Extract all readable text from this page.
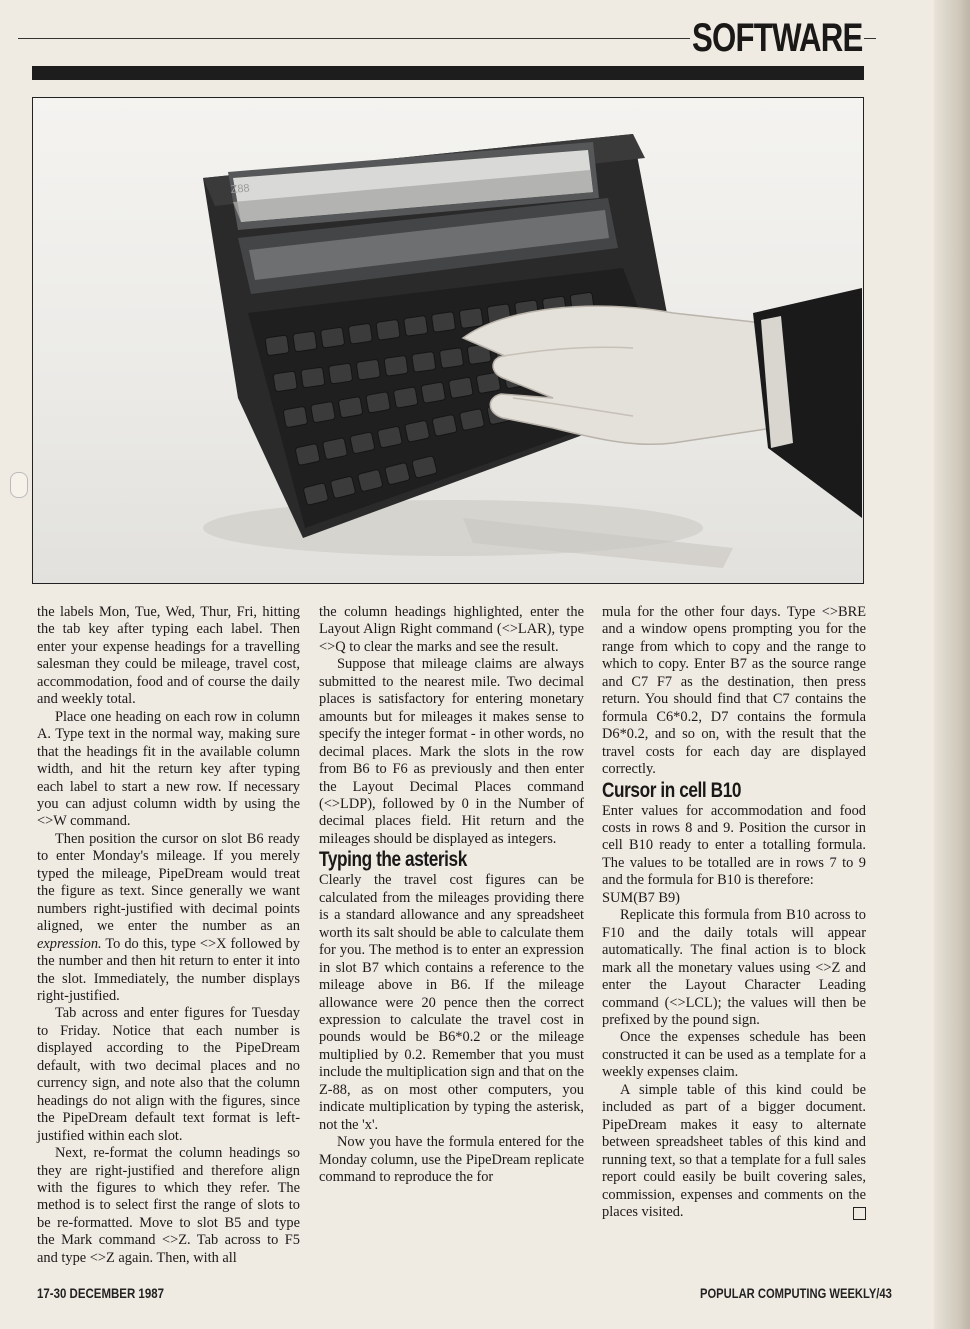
SOFTWARE
Z88

the labels Mon, Tue, Wed, Thur, Fri, hitting the tab key after typing each label. Then enter your expense headings for a travelling salesman they could be mileage, travel cost, accommodation, food and of course the daily and weekly total.

Place one heading on each row in column A. Type text in the normal way, making sure that the headings fit in the available column width, and hit the return key after typing each label to start a new row. If necessary you can adjust column width by using the <>W command.

Then position the cursor on slot B6 ready to enter Monday's mileage. If you merely typed the mileage, PipeDream would treat the figure as text. Since generally we want numbers right-justified with decimal points aligned, we enter the number as an expression. To do this, type <>X followed by the number and then hit return to enter it into the slot. Immediately, the number displays right-justified.

Tab across and enter figures for Tuesday to Friday. Notice that each number is displayed according to the PipeDream default, with two decimal places and no currency sign, and note also that the column headings do not align with the figures, since the PipeDream default text format is left-justified within each slot.

Next, re-format the column headings so they are right-justified and therefore align with the figures to which they refer. The method is to select first the range of slots to be re-formatted. Move to slot B5 and type the Mark command <>Z. Tab across to F5 and type <>Z again. Then, with all

the column headings highlighted, enter the Layout Align Right command (<>LAR), type <>Q to clear the marks and see the result.

Suppose that mileage claims are always submitted to the nearest mile. Two decimal places is satisfactory for entering monetary amounts but for mileages it makes sense to specify the integer format - in other words, no decimal places. Mark the slots in the row from B6 to F6 as previously and then enter the Layout Decimal Places command (<>LDP), followed by 0 in the Number of decimal places field. Hit return and the mileages should be displayed as integers.

Typing the asterisk

Clearly the travel cost figures can be calculated from the mileages providing there is a standard allowance and any spreadsheet worth its salt should be able to calculate them for you. The method is to enter an expression in slot B7 which contains a reference to the mileage above in B6. If the mileage allowance were 20 pence then the correct expression to calculate the travel cost in pounds would be B6*0.2 or the mileage multiplied by 0.2. Remember that you must include the multiplication sign and that on the Z-88, as on most other computers, you indicate multiplication by typing the asterisk, not the 'x'.

Now you have the formula entered for the Monday column, use the PipeDream replicate command to reproduce the for

mula for the other four days. Type <>BRE and a window opens prompting you for the range from which to copy and the range to which to copy. Enter B7 as the source range and C7 F7 as the destination, then press return. You should find that C7 contains the formula C6*0.2, D7 contains the formula D6*0.2, and so on, with the result that the travel costs for each day are displayed correctly.

Cursor in cell B10

Enter values for accommodation and food costs in rows 8 and 9. Position the cursor in cell B10 ready to enter a totalling formula. The values to be totalled are in rows 7 to 9 and the formula for B10 is therefore:

SUM(B7 B9)

Replicate this formula from B10 across to F10 and the daily totals will appear automatically. The final action is to block mark all the monetary values using <>Z and enter the Layout Character Leading command (<>LCL); the values will then be prefixed by the pound sign.

Once the expenses schedule has been constructed it can be used as a template for a weekly expenses claim.

A simple table of this kind could be included as part of a bigger document. PipeDream makes it easy to alternate between spreadsheet tables of this kind and running text, so that a template for a full sales report could easily be built covering sales, commission, expenses and comments on the places visited.

17-30 DECEMBER 1987	POPULAR COMPUTING WEEKLY/43
